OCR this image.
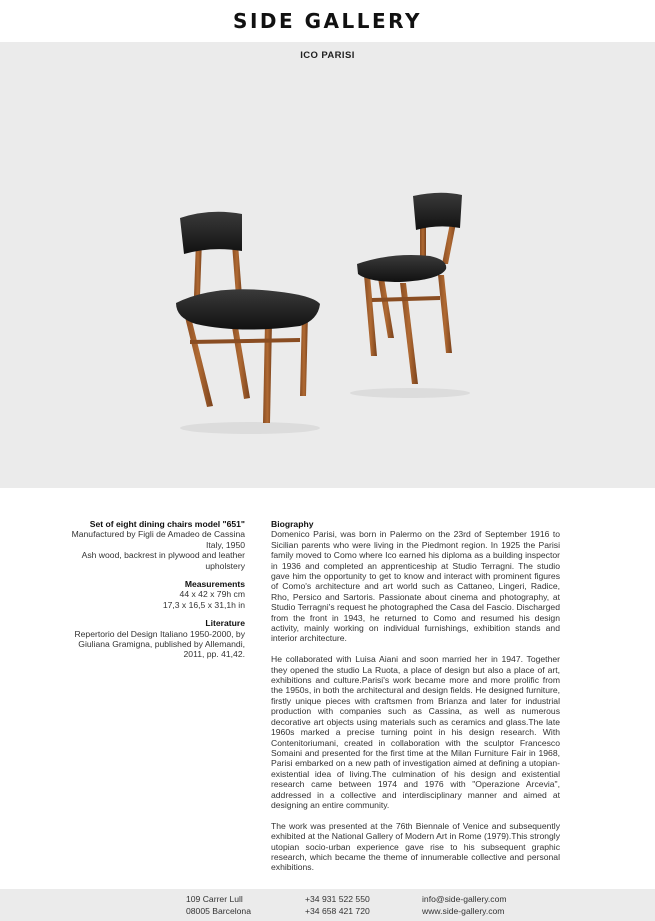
SIDE GALLERY
ICO PARISI
Set of eight dining chairs model "651"
Manufactured by Figli de Amadeo de Cassina
Italy, 1950
Ash wood, backrest in plywood and leather
upholstery
Measurements
44 x 42 x 79h cm
17,3 x 16,5 x 31,1h in
Literature
Repertorio del Design Italiano 1950-2000, by
Giuliana Gramigna, published by Allemandi,
2011, pp. 41,42.
Biography

Domenico Parisi, was born in Palermo on the 23rd of September 1916 to Sicilian parents who were living in the Piedmont region. In 1925 the Parisi family moved to Como where Ico earned his diploma as a building inspector in 1936 and completed an apprenticeship at Studio Terragni. The studio gave him the opportunity to get to know and interact with prominent figures of Como's architecture and art world such as Cattaneo, Lingeri, Radice, Rho, Persico and Sartoris. Passionate about cinema and photography, at Studio Terragni's request he photographed the Casa del Fascio. Discharged from the front in 1943, he returned to Como and resumed his design activity, mainly working on individual furnishings, exhibition stands and interior architecture.

He collaborated with Luisa Aiani and soon married her in 1947. Together they opened the studio La Ruota, a place of design but also a place of art, exhibitions and culture.Parisi's work became more and more prolific from the 1950s, in both the architectural and design fields. He designed furniture, firstly unique pieces with craftsmen from Brianza and later for industrial production with companies such as Cassina, as well as numerous decorative art objects using materials such as ceramics and glass.The late 1960s marked a precise turning point in his design research. With Contenitoriumani, created in collaboration with the sculptor Francesco Somaini and presented for the first time at the Milan Furniture Fair in 1968, Parisi embarked on a new path of investigation aimed at defining a utopian-existential idea of living.The culmination of his design and existential research came between 1974 and 1976 with "Operazione Arcevia", addressed in a collective and interdisciplinary manner and aimed at designing an entire community.

The work was presented at the 76th Biennale of Venice and subsequently exhibited at the National Gallery of Modern Art in Rome (1979).This strongly utopian socio-urban experience gave rise to his subsequent graphic research, which became the theme of innumerable collective and personal exhibitions.

109 Carrer Lull
08005 Barcelona
+34 931 522 550
+34 658 421 720
info@side-gallery.com
www.side-gallery.com
